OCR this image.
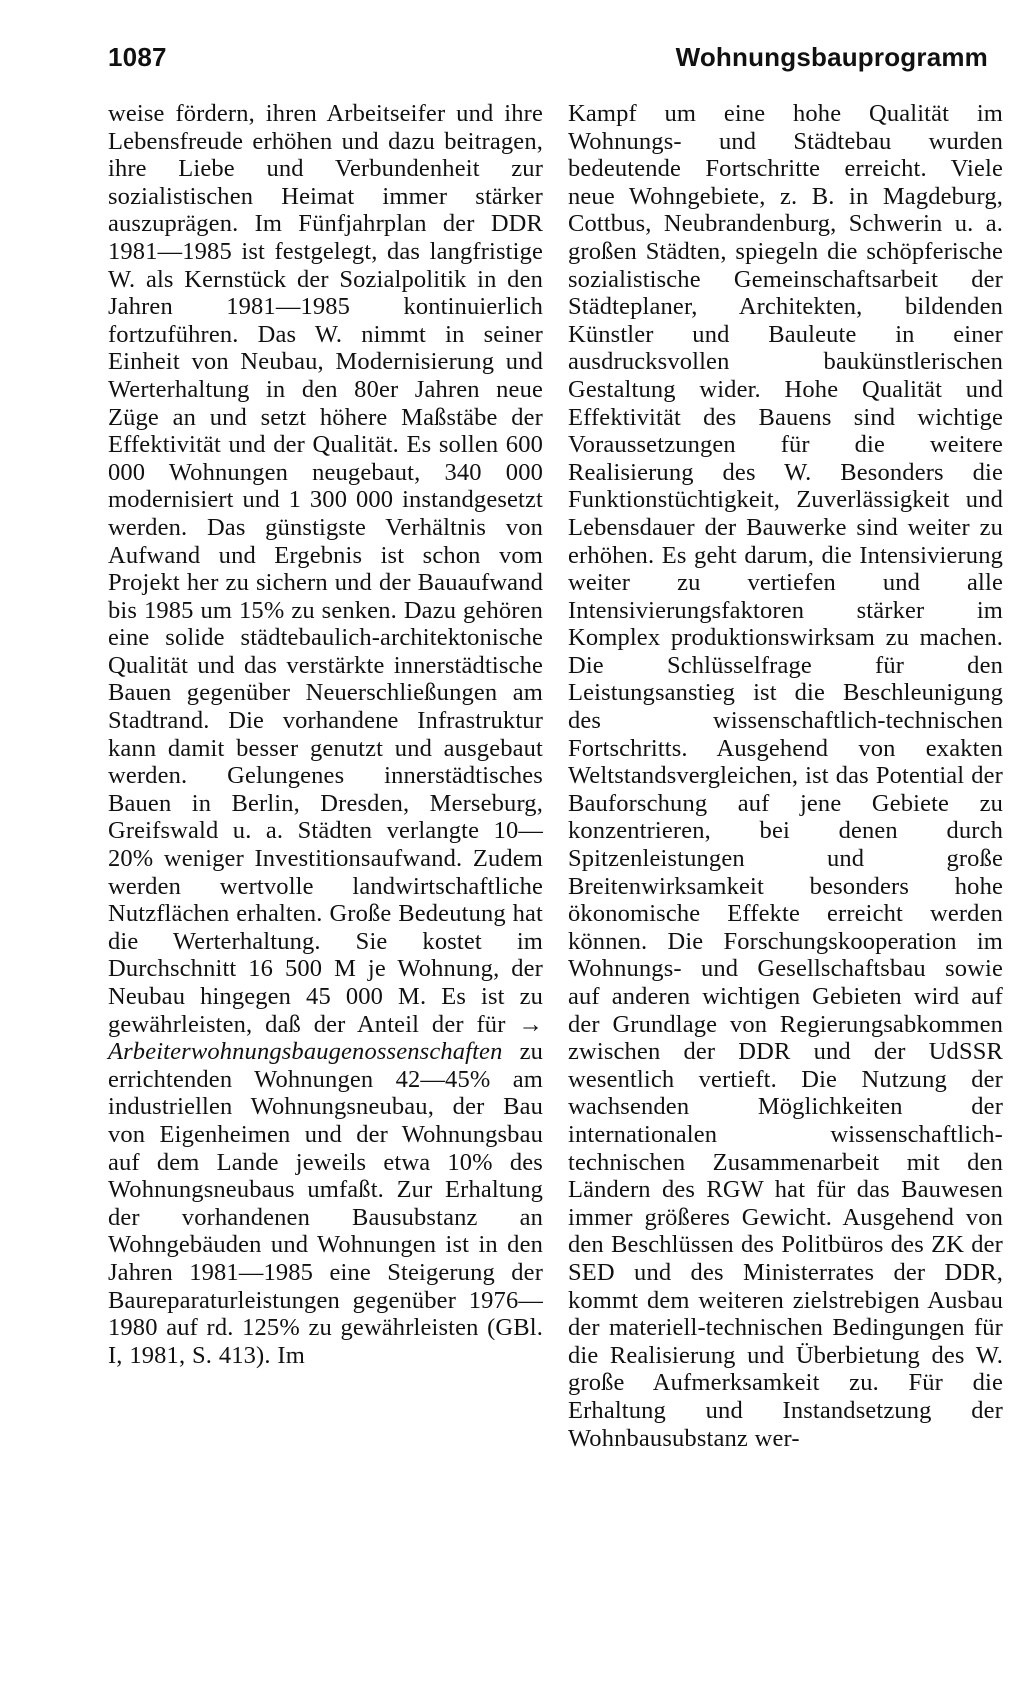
1087	Wohnungsbauprogramm
weise fördern, ihren Arbeitseifer und ihre Lebensfreude erhöhen und dazu beitragen, ihre Liebe und Verbundenheit zur sozialistischen Heimat immer stärker auszuprägen. Im Fünfjahrplan der DDR 1981—1985 ist festgelegt, das langfristige W. als Kernstück der Sozialpolitik in den Jahren 1981—1985 kontinuierlich fortzuführen. Das W. nimmt in seiner Einheit von Neubau, Modernisierung und Werterhaltung in den 80er Jahren neue Züge an und setzt höhere Maßstäbe der Effektivität und der Qualität. Es sollen 600 000 Wohnungen neugebaut, 340 000 modernisiert und 1 300 000 instandgesetzt werden. Das günstigste Verhältnis von Aufwand und Ergebnis ist schon vom Projekt her zu sichern und der Bauaufwand bis 1985 um 15% zu senken. Dazu gehören eine solide städtebaulich-architektonische Qualität und das verstärkte innerstädtische Bauen gegenüber Neuerschließungen am Stadtrand. Die vorhandene Infrastruktur kann damit besser genutzt und ausgebaut werden. Gelungenes innerstädtisches Bauen in Berlin, Dresden, Merseburg, Greifswald u. a. Städten verlangte 10—20% weniger Investitionsaufwand. Zudem werden wertvolle landwirtschaftliche Nutzflächen erhalten. Große Bedeutung hat die Werterhaltung. Sie kostet im Durchschnitt 16 500 M je Wohnung, der Neubau hingegen 45 000 M. Es ist zu gewährleisten, daß der Anteil der für → Arbeiterwohnungsbaugenossenschaften zu errichtenden Wohnungen 42—45% am industriellen Wohnungsneubau, der Bau von Eigenheimen und der Wohnungsbau auf dem Lande jeweils etwa 10% des Wohnungsneubaus umfaßt. Zur Erhaltung der vorhandenen Bausubstanz an Wohngebäuden und Wohnungen ist in den Jahren 1981—1985 eine Steigerung der Baureparaturleistungen gegenüber 1976—1980 auf rd. 125% zu gewährleisten (GBl. I, 1981, S. 413). Im
Kampf um eine hohe Qualität im Wohnungs- und Städtebau wurden bedeutende Fortschritte erreicht. Viele neue Wohngebiete, z. B. in Magdeburg, Cottbus, Neubrandenburg, Schwerin u. a. großen Städten, spiegeln die schöpferische sozialistische Gemeinschaftsarbeit der Städteplaner, Architekten, bildenden Künstler und Bauleute in einer ausdrucksvollen baukünstlerischen Gestaltung wider. Hohe Qualität und Effektivität des Bauens sind wichtige Voraussetzungen für die weitere Realisierung des W. Besonders die Funktionstüchtigkeit, Zuverlässigkeit und Lebensdauer der Bauwerke sind weiter zu erhöhen. Es geht darum, die Intensivierung weiter zu vertiefen und alle Intensivierungsfaktoren stärker im Komplex produktionswirksam zu machen. Die Schlüsselfrage für den Leistungsanstieg ist die Beschleunigung des wissenschaftlich-technischen Fortschritts. Ausgehend von exakten Weltstandsvergleichen, ist das Potential der Bauforschung auf jene Gebiete zu konzentrieren, bei denen durch Spitzenleistungen und große Breitenwirksamkeit besonders hohe ökonomische Effekte erreicht werden können. Die Forschungskooperation im Wohnungs- und Gesellschaftsbau sowie auf anderen wichtigen Gebieten wird auf der Grundlage von Regierungsabkommen zwischen der DDR und der UdSSR wesentlich vertieft. Die Nutzung der wachsenden Möglichkeiten der internationalen wissenschaftlich-technischen Zusammenarbeit mit den Ländern des RGW hat für das Bauwesen immer größeres Gewicht. Ausgehend von den Beschlüssen des Politbüros des ZK der SED und des Ministerrates der DDR, kommt dem weiteren zielstrebigen Ausbau der materiell-technischen Bedingungen für die Realisierung und Überbietung des W. große Aufmerksamkeit zu. Für die Erhaltung und Instandsetzung der Wohnbausubstanz wer-
